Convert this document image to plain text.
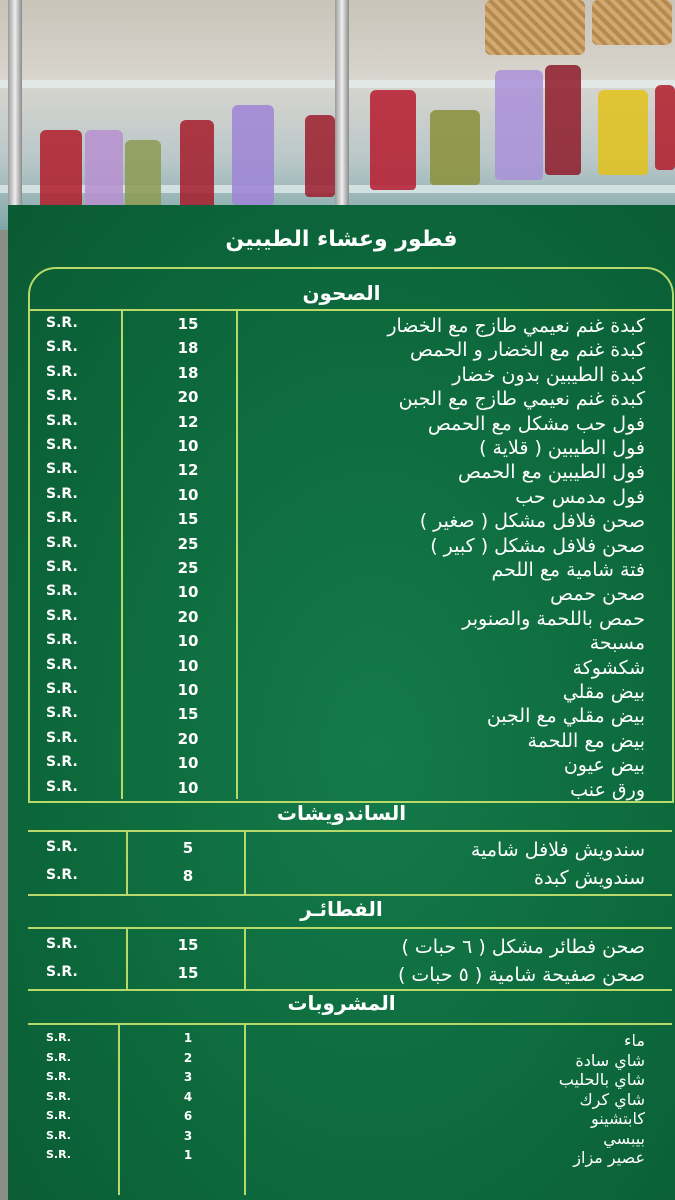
فطور وعشاء الطيبين
الصحون
S.R.	15	كبدة غنم نعيمي طازج مع الخضار
S.R.	18	كبدة غنم مع الخضار و الحمص
S.R.	18	كبدة الطيبين بدون خضار
S.R.	20	كبدة غنم نعيمي طازج مع الجبن
S.R.	12	فول حب مشكل مع الحمص
S.R.	10	فول الطيبين ( قلاية )
S.R.	12	فول الطيبين مع الحمص
S.R.	10	فول مدمس حب
S.R.	15	صحن فلافل مشكل ( صغير )
S.R.	25	صحن فلافل مشكل ( كبير )
S.R.	25	فتة شامية مع اللحم
S.R.	10	صحن حمص
S.R.	20	حمص باللحمة والصنوبر
S.R.	10	مسبحة
S.R.	10	شكشوكة
S.R.	10	بيض مقلي
S.R.	15	بيض مقلي مع الجبن
S.R.	20	بيض مع اللحمة
S.R.	10	بيض عيون
S.R.	10	ورق عنب
الساندويشات
S.R.	5	سندويش فلافل شامية
S.R.	8	سندويش كبدة
الفطائـر
S.R.	15	صحن فطائر مشكل ( ٦ حبات )
S.R.	15	صحن صفيحة شامية ( ٥ حبات )
المشروبات
S.R.	1	ماء
S.R.	2	شاي سادة
S.R.	3	شاي بالحليب
S.R.	4	شاي كرك
S.R.	6	كابتشينو
S.R.	3	بيبسي
S.R.	1	عصير مزاز
